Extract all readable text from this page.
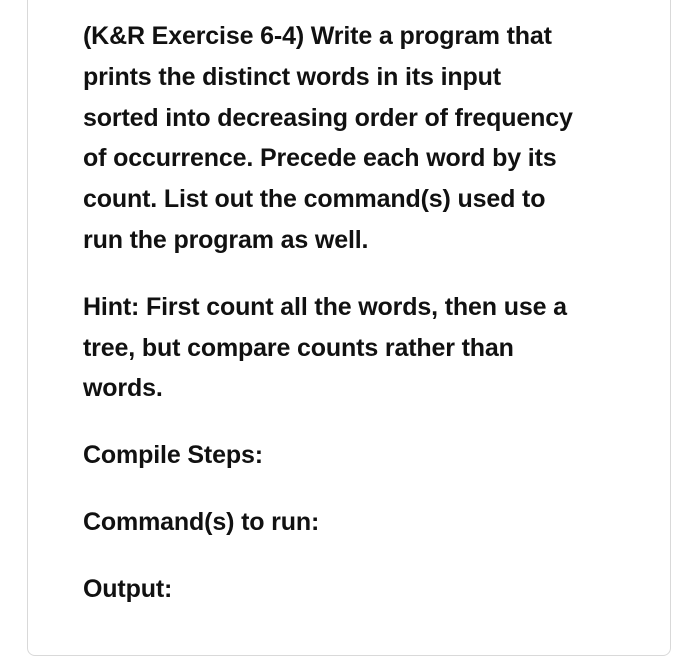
(K&R Exercise 6-4) Write a program that
prints the distinct words in its input
sorted into decreasing order of frequency
of occurrence. Precede each word by its
count. List out the command(s) used to
run the program as well.

Hint: First count all the words, then use a
tree, but compare counts rather than
words.

Compile Steps:

Command(s) to run:

Output:
